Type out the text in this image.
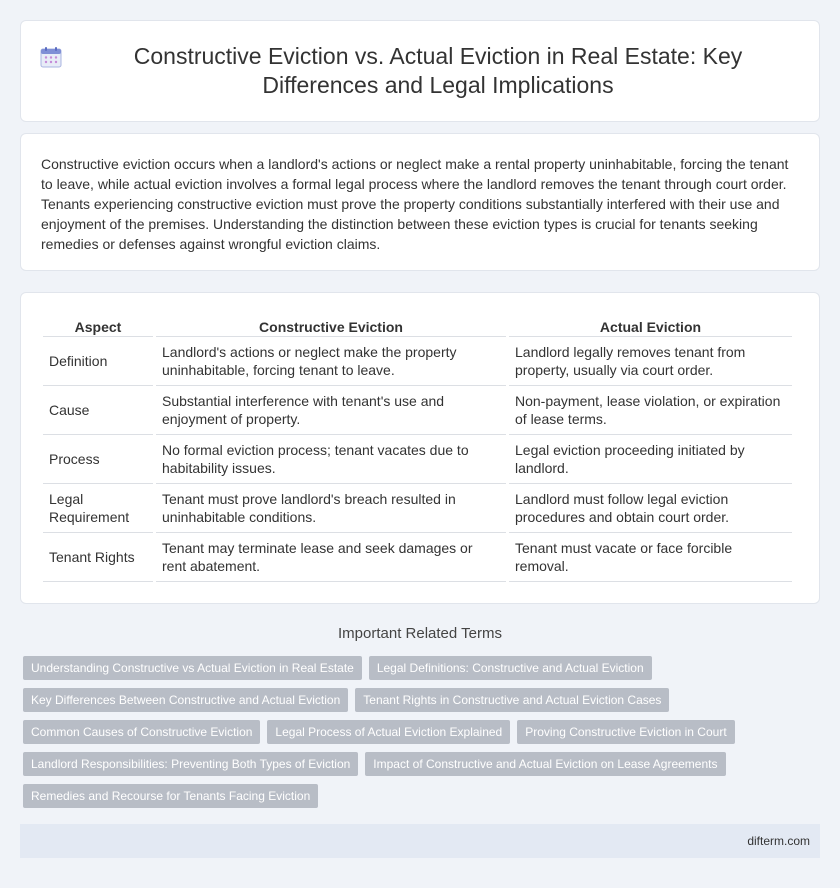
Constructive Eviction vs. Actual Eviction in Real Estate: Key Differences and Legal Implications

Constructive eviction occurs when a landlord's actions or neglect make a rental property uninhabitable, forcing the tenant to leave, while actual eviction involves a formal legal process where the landlord removes the tenant through court order. Tenants experiencing constructive eviction must prove the property conditions substantially interfered with their use and enjoyment of the premises. Understanding the distinction between these eviction types is crucial for tenants seeking remedies or defenses against wrongful eviction claims.

Aspect	Constructive Eviction	Actual Eviction
Definition	Landlord's actions or neglect make the property uninhabitable, forcing tenant to leave.	Landlord legally removes tenant from property, usually via court order.
Cause	Substantial interference with tenant's use and enjoyment of property.	Non-payment, lease violation, or expiration of lease terms.
Process	No formal eviction process; tenant vacates due to habitability issues.	Legal eviction proceeding initiated by landlord.
Legal Requirement	Tenant must prove landlord's breach resulted in uninhabitable conditions.	Landlord must follow legal eviction procedures and obtain court order.
Tenant Rights	Tenant may terminate lease and seek damages or rent abatement.	Tenant must vacate or face forcible removal.
Important Related Terms
Understanding Constructive vs Actual Eviction in Real Estate	Legal Definitions: Constructive and Actual Eviction
Key Differences Between Constructive and Actual Eviction	Tenant Rights in Constructive and Actual Eviction Cases
Common Causes of Constructive Eviction	Legal Process of Actual Eviction Explained	Proving Constructive Eviction in Court
Landlord Responsibilities: Preventing Both Types of Eviction	Impact of Constructive and Actual Eviction on Lease Agreements
Remedies and Recourse for Tenants Facing Eviction
difterm.com
